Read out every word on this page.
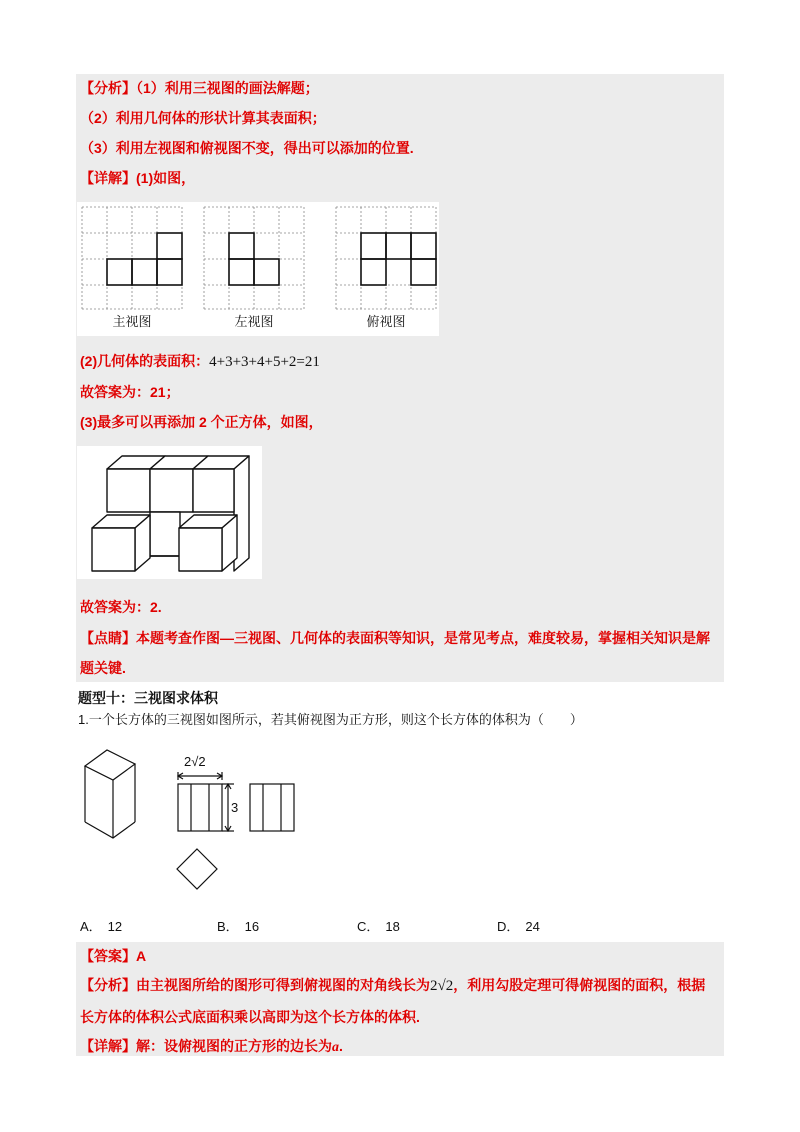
【分析】（1）利用三视图的画法解题；
（2）利用几何体的形状计算其表面积；
（3）利用左视图和俯视图不变，得出可以添加的位置.
【详解】(1)如图，
主视图	左视图	俯视图
(2)几何体的表面积：4+3+3+4+5+2=21
故答案为：21；
(3)最多可以再添加 2 个正方体，如图，
故答案为：2.
【点睛】本题考查作图—三视图、几何体的表面积等知识，是常见考点，难度较易，掌握相关知识是解
题关键.
题型十：三视图求体积
1.一个长方体的三视图如图所示，若其俯视图为正方形，则这个长方体的体积为（　　）
2√2
3
A． 12	B． 16	C． 18	D． 24
【答案】A
【分析】由主视图所给的图形可得到俯视图的对角线长为2√2，利用勾股定理可得俯视图的面积，根据
长方体的体积公式底面积乘以高即为这个长方体的体积.
【详解】解：设俯视图的正方形的边长为a.
